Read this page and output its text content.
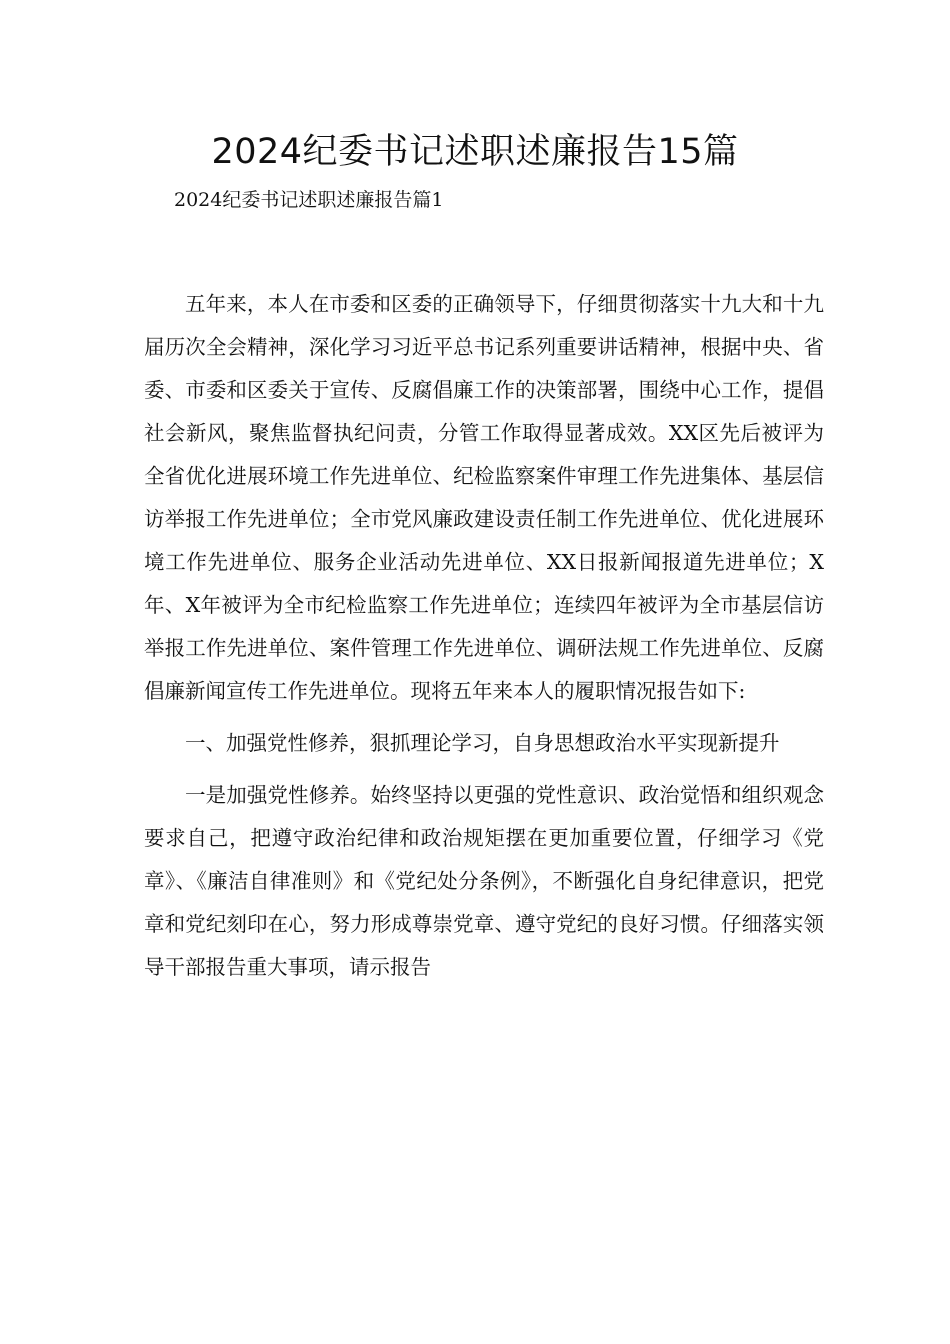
2024纪委书记述职述廉报告15篇

2024纪委书记述职述廉报告篇1

五年来，本人在市委和区委的正确领导下，仔细贯彻落实十九大和十九届历次全会精神，深化学习习近平总书记系列重要讲话精神，根据中央、省委、市委和区委关于宣传、反腐倡廉工作的决策部署，围绕中心工作，提倡社会新风，聚焦监督执纪问责，分管工作取得显著成效。XX区先后被评为全省优化进展环境工作先进单位、纪检监察案件审理工作先进集体、基层信访举报工作先进单位；全市党风廉政建设责任制工作先进单位、优化进展环境工作先进单位、服务企业活动先进单位、XX日报新闻报道先进单位；X年、X年被评为全市纪检监察工作先进单位；连续四年被评为全市基层信访举报工作先进单位、案件管理工作先进单位、调研法规工作先进单位、反腐倡廉新闻宣传工作先进单位。现将五年来本人的履职情况报告如下:

一、加强党性修养，狠抓理论学习，自身思想政治水平实现新提升

一是加强党性修养。始终坚持以更强的党性意识、政治觉悟和组织观念要求自己，把遵守政治纪律和政治规矩摆在更加重要位置，仔细学习《党章》、《廉洁自律准则》和《党纪处分条例》，不断强化自身纪律意识，把党章和党纪刻印在心，努力形成尊崇党章、遵守党纪的良好习惯。仔细落实领导干部报告重大事项，请示报告
